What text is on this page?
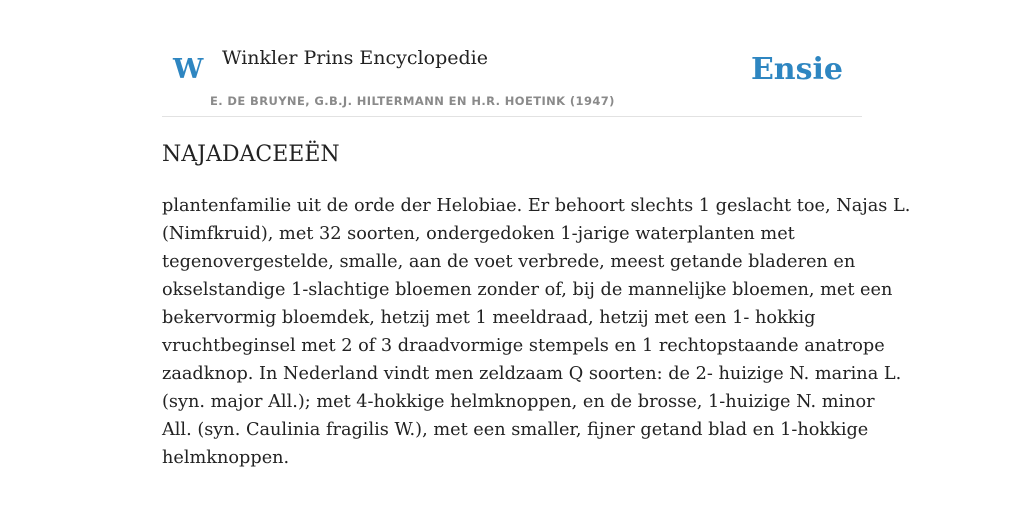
W Winkler Prins Encyclopedie
E. DE BRUYNE, G.B.J. HILTERMANN EN H.R. HOETINK (1947)
Ensie
NAJADACEEËN

plantenfamilie uit de orde der Helobiae. Er behoort slechts 1 geslacht toe, Najas L.
(Nimfkruid), met 32 soorten, ondergedoken 1-jarige waterplanten met
tegenovergestelde, smalle, aan de voet verbrede, meest getande bladeren en
okselstandige 1-slachtige bloemen zonder of, bij de mannelijke bloemen, met een
bekervormig bloemdek, hetzij met 1 meeldraad, hetzij met een 1- hokkig
vruchtbeginsel met 2 of 3 draadvormige stempels en 1 rechtopstaande anatrope
zaadknop. In Nederland vindt men zeldzaam Q soorten: de 2- huizige N. marina L.
(syn. major All.); met 4-hokkige helmknoppen, en de brosse, 1-huizige N. minor
All. (syn. Caulinia fragilis W.), met een smaller, fijner getand blad en 1-hokkige
helmknoppen.
